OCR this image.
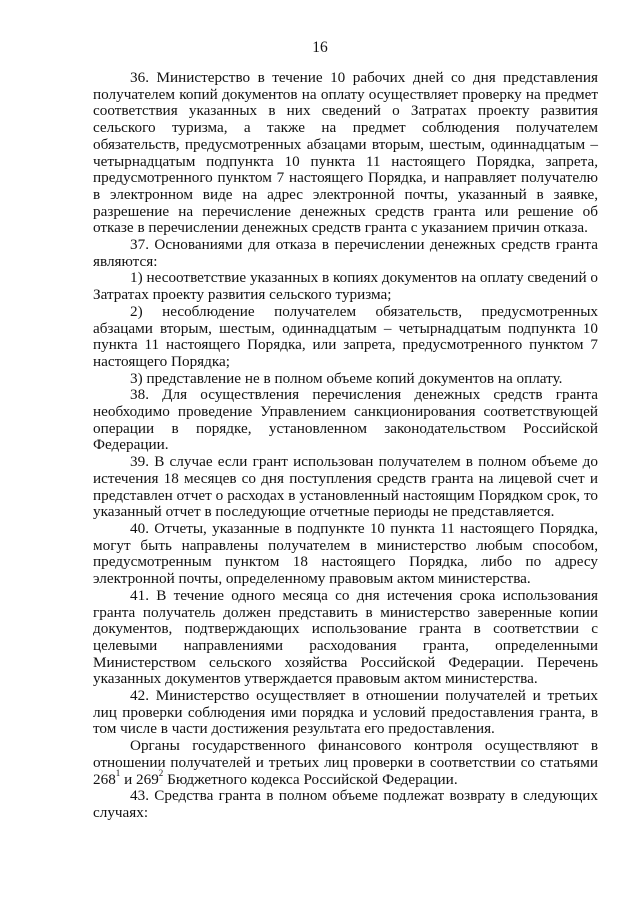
16

36. Министерство в течение 10 рабочих дней со дня представления получателем копий документов на оплату осуществляет проверку на предмет соответствия указанных в них сведений о Затратах проекту развития сельского туризма, а также на предмет соблюдения получателем обязательств, предусмотренных абзацами вторым, шестым, одиннадцатым – четырнадцатым подпункта 10 пункта 11 настоящего Порядка, запрета, предусмотренного пунктом 7 настоящего Порядка, и направляет получателю в электронном виде на адрес электронной почты, указанный в заявке, разрешение на перечисление денежных средств гранта или решение об отказе в перечислении денежных средств гранта с указанием причин отказа.

37. Основаниями для отказа в перечислении денежных средств гранта являются:

1) несоответствие указанных в копиях документов на оплату сведений о Затратах проекту развития сельского туризма;

2) несоблюдение получателем обязательств, предусмотренных абзацами вторым, шестым, одиннадцатым – четырнадцатым подпункта 10 пункта 11 настоящего Порядка, или запрета, предусмотренного пунктом 7 настоящего Порядка;

3) представление не в полном объеме копий документов на оплату.

38. Для осуществления перечисления денежных средств гранта необходимо проведение Управлением санкционирования соответствующей операции в порядке, установленном законодательством Российской Федерации.

39. В случае если грант использован получателем в полном объеме до истечения 18 месяцев со дня поступления средств гранта на лицевой счет и представлен отчет о расходах в установленный настоящим Порядком срок, то указанный отчет в последующие отчетные периоды не представляется.

40. Отчеты, указанные в подпункте 10 пункта 11 настоящего Порядка, могут быть направлены получателем в министерство любым способом, предусмотренным пунктом 18 настоящего Порядка, либо по адресу электронной почты, определенному правовым актом министерства.

41. В течение одного месяца со дня истечения срока использования гранта получатель должен представить в министерство заверенные копии документов, подтверждающих использование гранта в соответствии с целевыми направлениями расходования гранта, определенными Министерством сельского хозяйства Российской Федерации. Перечень указанных документов утверждается правовым актом министерства.

42. Министерство осуществляет в отношении получателей и третьих лиц проверки соблюдения ими порядка и условий предоставления гранта, в том числе в части достижения результата его предоставления.

Органы государственного финансового контроля осуществляют в отношении получателей и третьих лиц проверки в соответствии со статьями $268^1$ и $269^2$ Бюджетного кодекса Российской Федерации.

43. Средства гранта в полном объеме подлежат возврату в следующих случаях:
